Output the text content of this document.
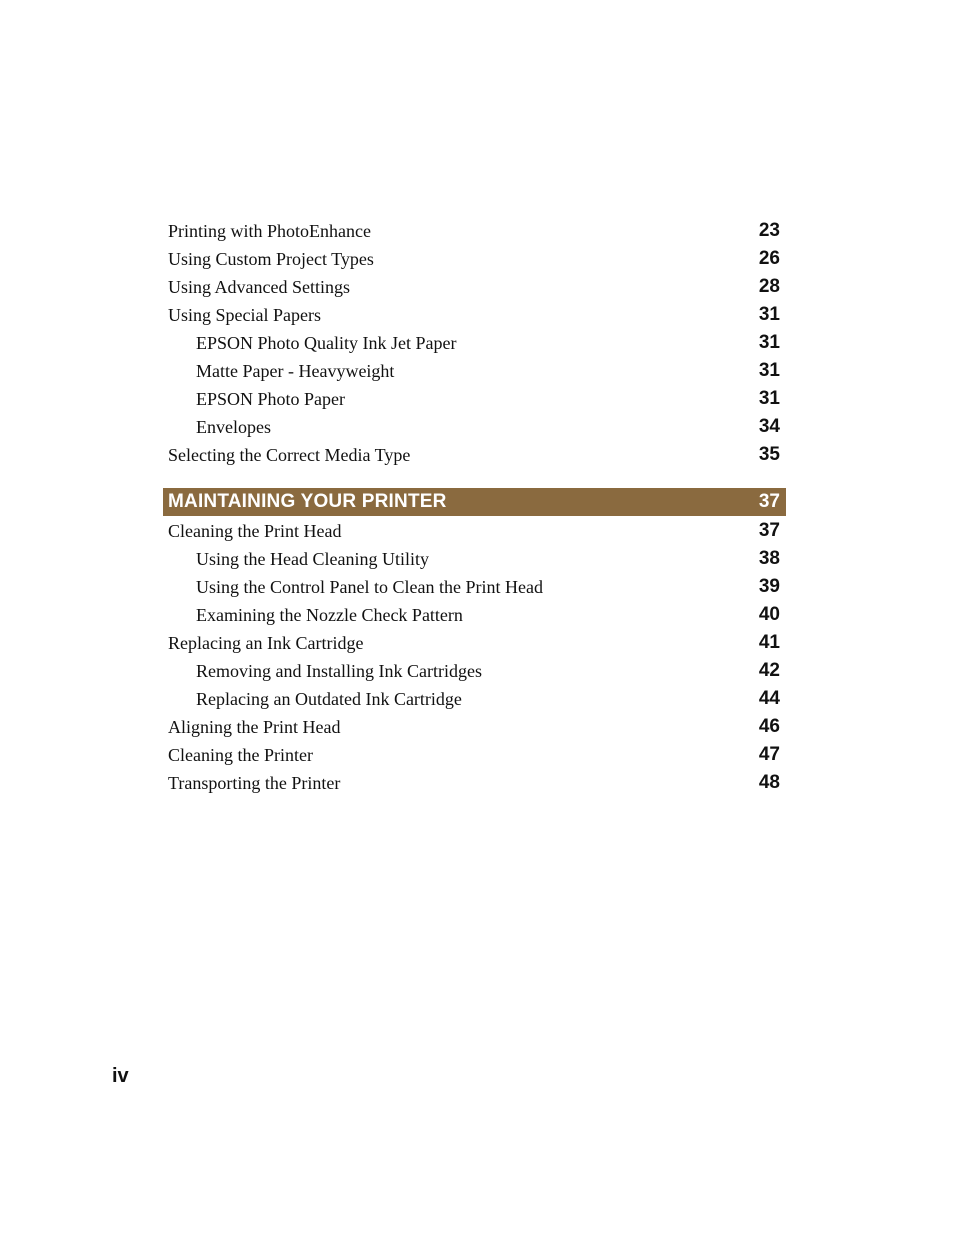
Printing with PhotoEnhance	23
Using Custom Project Types	26
Using Advanced Settings	28
Using Special Papers	31
EPSON Photo Quality Ink Jet Paper	31
Matte Paper - Heavyweight	31
EPSON Photo Paper	31
Envelopes	34
Selecting the Correct Media Type	35
MAINTAINING YOUR PRINTER	37
Cleaning the Print Head	37
Using the Head Cleaning Utility	38
Using the Control Panel to Clean the Print Head	39
Examining the Nozzle Check Pattern	40
Replacing an Ink Cartridge	41
Removing and Installing Ink Cartridges	42
Replacing an Outdated Ink Cartridge	44
Aligning the Print Head	46
Cleaning the Printer	47
Transporting the Printer	48
iv
